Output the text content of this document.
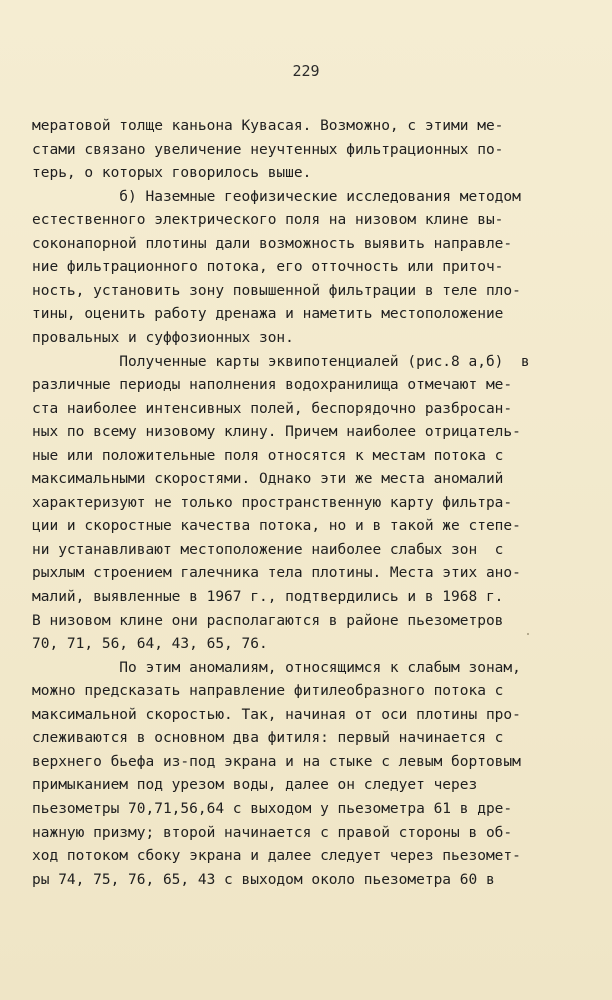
229
мератовой толще каньона Кувасая. Возможно, с этими ме-
стами связано увеличение неучтенных фильтрационных по-
терь, о которых говорилось выше.
б) Наземные геофизические исследования методом
естественного электрического поля на низовом клине вы-
соконапорной плотины дали возможность выявить направле-
ние фильтрационного потока, его отточность или приточ-
ность, установить зону повышенной фильтрации в теле пло-
тины, оценить работу дренажа и наметить местоположение
провальных и суффозионных зон.
Полученные карты эквипотенциалей (рис.8 а,б)  в
различные периоды наполнения водохранилища отмечают ме-
ста наиболее интенсивных полей, беспорядочно разбросан-
ных по всему низовому клину. Причем наиболее отрицатель-
ные или положительные поля относятся к местам потока с
максимальными скоростями. Однако эти же места аномалий
характеризуют не только пространственную карту фильтра-
ции и скоростные качества потока, но и в такой же степе-
ни устанавливают местоположение наиболее слабых зон  с
рыхлым строением галечника тела плотины. Места этих ано-
малий, выявленные в 1967 г., подтвердились и в 1968 г.
В низовом клине они располагаются в районе пьезометров
70, 71, 56, 64, 43, 65, 76.
По этим аномалиям, относящимся к слабым зонам,
можно предсказать направление фитилеобразного потока с
максимальной скоростью. Так, начиная от оси плотины про-
слеживаются в основном два фитиля: первый начинается с
верхнего бьефа из-под экрана и на стыке с левым бортовым
примыканием под урезом воды, далее он следует через
пьезометры 70,71,56,64 с выходом у пьезометра 61 в дре-
нажную призму; второй начинается с правой стороны в об-
ход потоком сбоку экрана и далее следует через пьезомет-
ры 74, 75, 76, 65, 43 с выходом около пьезометра 60 в
